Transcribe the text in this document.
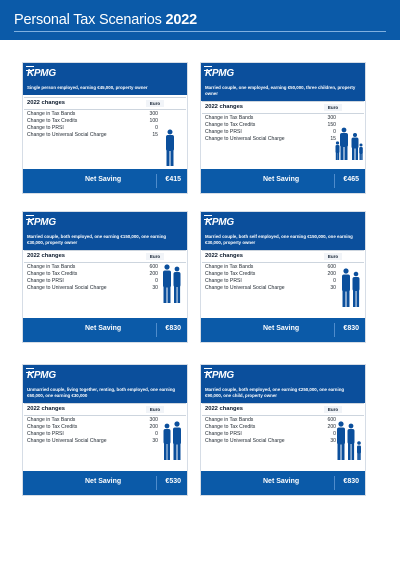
Personal Tax Scenarios 2022
KPMG
Single person employed, earning €45,000, property owner
2022 changes	Euro
Change in Tax Bands	300
Change to Tax Credits	100
Change to PRSI	0
Change to Universal Social Charge	15
Net Saving	€415
KPMG
Married couple, one employed, earning €50,000, three children, property owner
2022 changes	Euro
Change in Tax Bands	300
Change to Tax Credits	150
Change to PRSI	0
Change to Universal Social Charge	15
Net Saving	€465
KPMG
Married couple, both employed, one earning €150,000, one earning €30,000, property owner
2022 changes	Euro
Change in Tax Bands	600
Change to Tax Credits	200
Change to PRSI	0
Change to Universal Social Charge	30
Net Saving	€830
KPMG
Married couple, both self employed, one earning €150,000, one earning €30,000, property owner
2022 changes	Euro
Change in Tax Bands	600
Change to Tax Credits	200
Change to PRSI	0
Change to Universal Social Charge	30
Net Saving	€830
KPMG
Unmarried couple, living together, renting, both employed, one earning €60,000, one earning €30,000
2022 changes	Euro
Change in Tax Bands	300
Change to Tax Credits	200
Change to PRSI	0
Change to Universal Social Charge	30
Net Saving	€530
KPMG
Married couple, both employed, one earning €250,000, one earning €90,000, one child, property owner
2022 changes	Euro
Change in Tax Bands	600
Change to Tax Credits	200
Change to PRSI	0
Change to Universal Social Charge	30
Net Saving	€830
